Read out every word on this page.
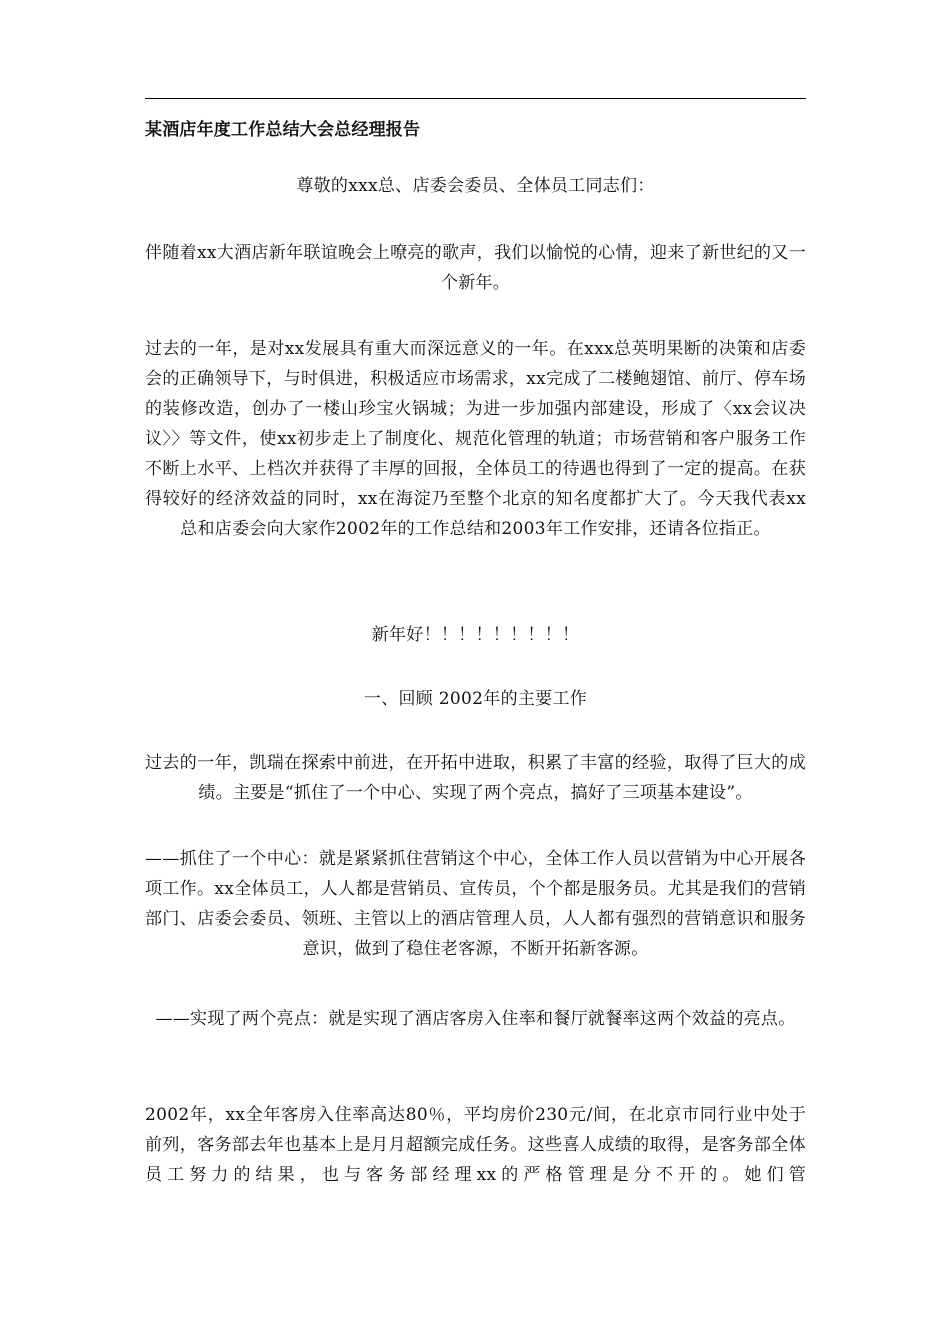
某酒店年度工作总结大会总经理报告
尊敬的xxx总、店委会委员、全体员工同志们：
伴随着xx大酒店新年联谊晚会上嘹亮的歌声，我们以愉悦的心情，迎来了新世纪的又一个新年。
过去的一年，是对xx发展具有重大而深远意义的一年。在xxx总英明果断的决策和店委会的正确领导下，与时俱进，积极适应市场需求，xx完成了二楼鲍翅馆、前厅、停车场的装修改造，创办了一楼山珍宝火锅城；为进一步加强内部建设，形成了〈xx会议决议〉〉等文件，使xx初步走上了制度化、规范化管理的轨道；市场营销和客户服务工作不断上水平、上档次并获得了丰厚的回报，全体员工的待遇也得到了一定的提高。在获得较好的经济效益的同时，xx在海淀乃至整个北京的知名度都扩大了。今天我代表xx总和店委会向大家作2002年的工作总结和2003年工作安排，还请各位指正。
新年好！！！！！！！！！
一、回顾 2002年的主要工作
过去的一年，凯瑞在探索中前进，在开拓中进取，积累了丰富的经验，取得了巨大的成绩。主要是“抓住了一个中心、实现了两个亮点，搞好了三项基本建设”。
——抓住了一个中心：就是紧紧抓住营销这个中心，全体工作人员以营销为中心开展各项工作。xx全体员工，人人都是营销员、宣传员，个个都是服务员。尤其是我们的营销部门、店委会委员、领班、主管以上的酒店管理人员，人人都有强烈的营销意识和服务意识，做到了稳住老客源，不断开拓新客源。
——实现了两个亮点：就是实现了酒店客房入住率和餐厅就餐率这两个效益的亮点。
2002年，xx全年客房入住率高达80％，平均房价230元/间，在北京市同行业中处于前列，客务部去年也基本上是月月超额完成任务。这些喜人成绩的取得，是客务部全体员工努力的结果，也与客务部经理xx的严格管理是分不开的。她们管
